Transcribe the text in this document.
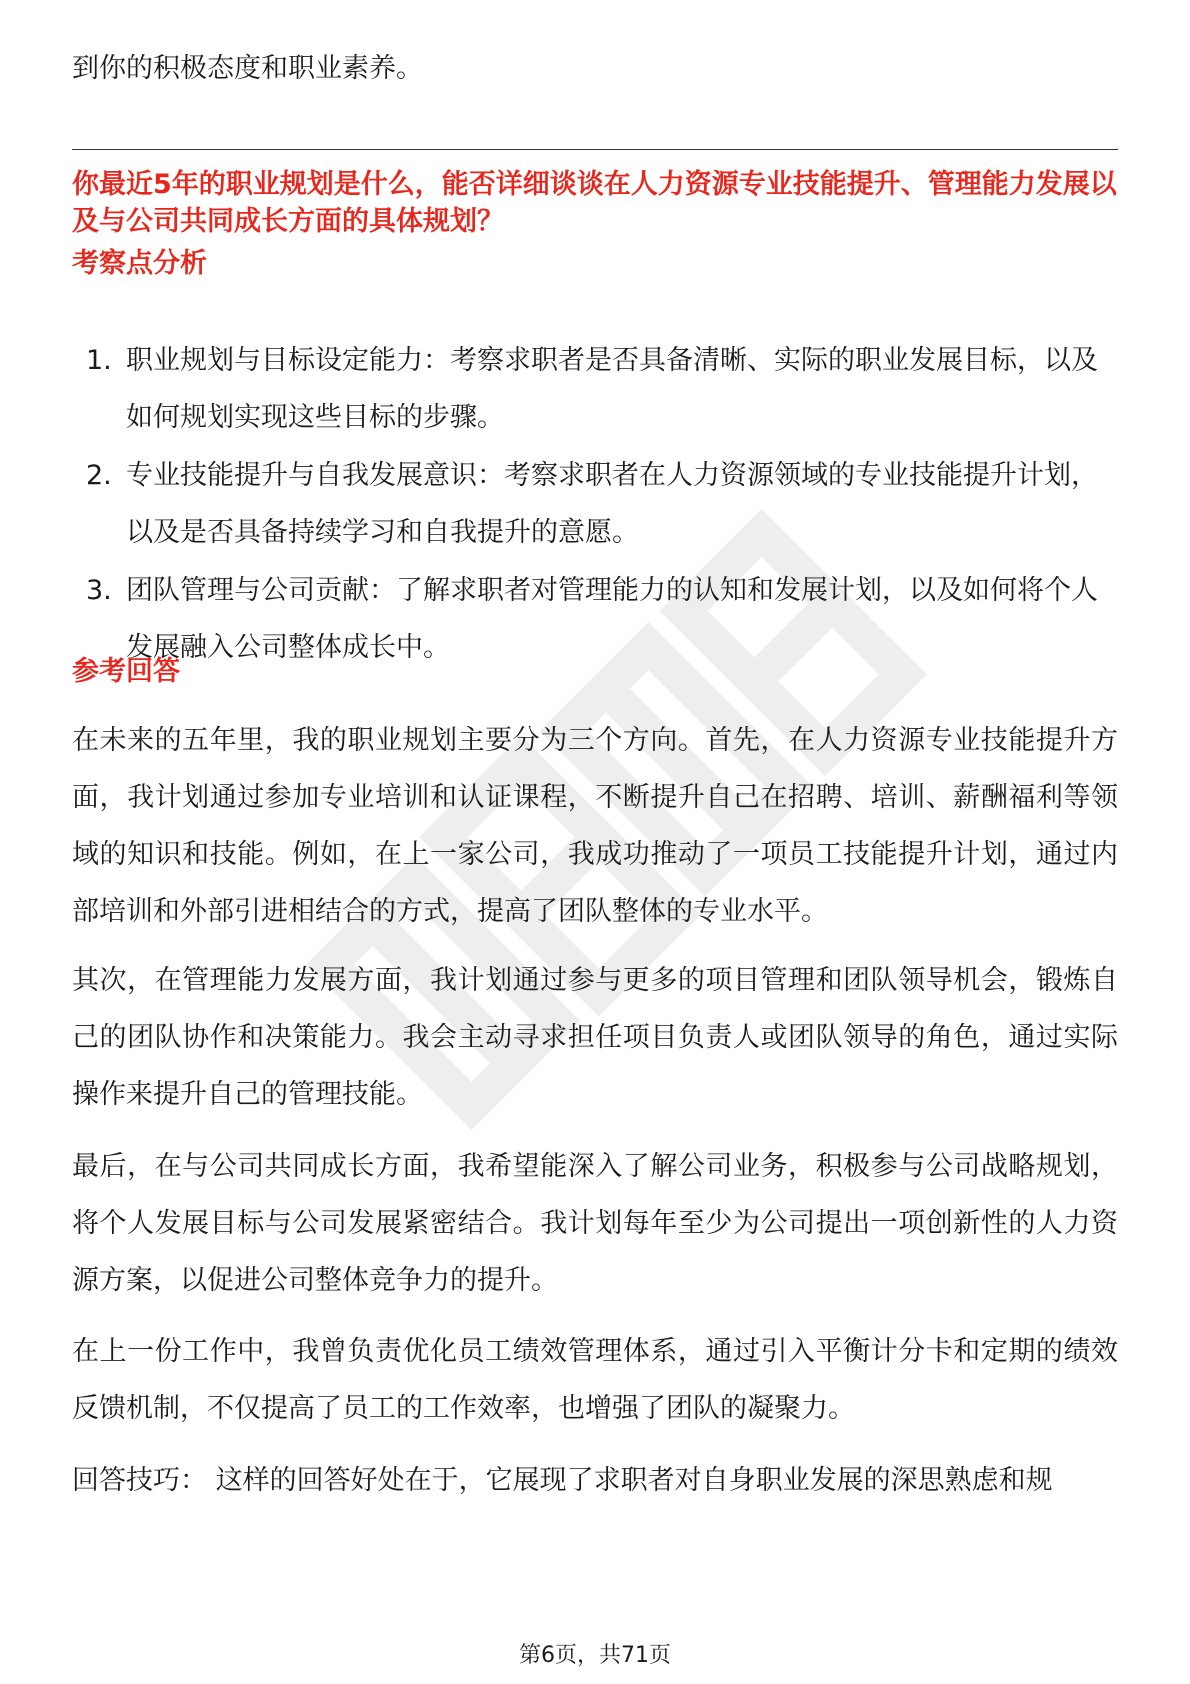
到你的积极态度和职业素养。

你最近5年的职业规划是什么，能否详细谈谈在人力资源专业技能提升、管理能力发展以及与公司共同成长方面的具体规划？

考察点分析

1. 职业规划与目标设定能力：考察求职者是否具备清晰、实际的职业发展目标，以及如何规划实现这些目标的步骤。
2. 专业技能提升与自我发展意识：考察求职者在人力资源领域的专业技能提升计划，以及是否具备持续学习和自我提升的意愿。
3. 团队管理与公司贡献：了解求职者对管理能力的认知和发展计划，以及如何将个人发展融入公司整体成长中。

参考回答

在未来的五年里，我的职业规划主要分为三个方向。首先，在人力资源专业技能提升方面，我计划通过参加专业培训和认证课程，不断提升自己在招聘、培训、薪酬福利等领域的知识和技能。例如，在上一家公司，我成功推动了一项员工技能提升计划，通过内部培训和外部引进相结合的方式，提高了团队整体的专业水平。

其次，在管理能力发展方面，我计划通过参与更多的项目管理和团队领导机会，锻炼自己的团队协作和决策能力。我会主动寻求担任项目负责人或团队领导的角色，通过实际操作来提升自己的管理技能。

最后，在与公司共同成长方面，我希望能深入了解公司业务，积极参与公司战略规划，将个人发展目标与公司发展紧密结合。我计划每年至少为公司提出一项创新性的人力资源方案，以促进公司整体竞争力的提升。

在上一份工作中，我曾负责优化员工绩效管理体系，通过引入平衡计分卡和定期的绩效反馈机制，不仅提高了员工的工作效率，也增强了团队的凝聚力。

回答技巧： 这样的回答好处在于，它展现了求职者对自身职业发展的深思熟虑和规

第6页，共71页
